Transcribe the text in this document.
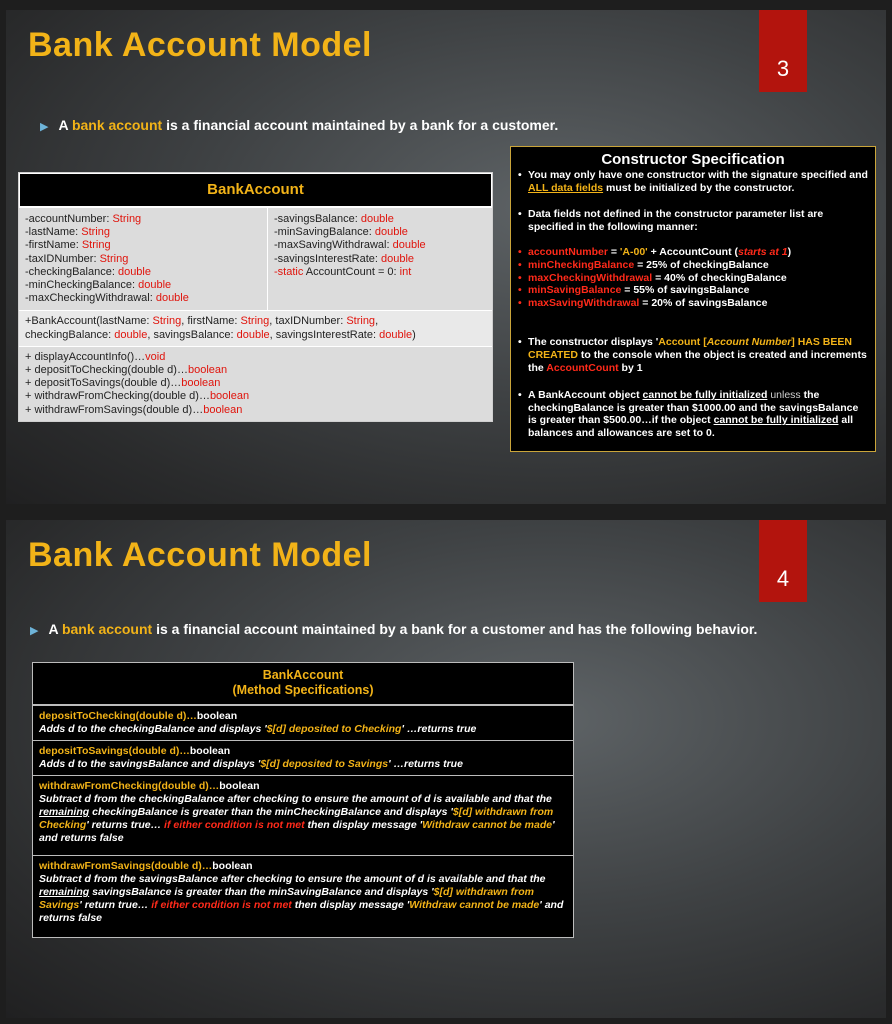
Bank Account Model
3
▶ A bank account is a financial account maintained by a bank for a customer.
BankAccount
-accountNumber: String
-lastName: String
-firstName: String
-taxIDNumber: String
-checkingBalance: double
-minCheckingBalance: double
-maxCheckingWithdrawal: double
-savingsBalance: double
-minSavingBalance: double
-maxSavingWithdrawal: double
-savingsInterestRate: double
-static AccountCount = 0: int
+BankAccount(lastName: String, firstName: String, taxIDNumber: String,
checkingBalance: double, savingsBalance: double, savingsInterestRate: double)
+ displayAccountInfo()…void
+ depositToChecking(double d)…boolean
+ depositToSavings(double d)…boolean
+ withdrawFromChecking(double d)…boolean
+ withdrawFromSavings(double d)…boolean
Constructor Specification
• You may only have one constructor with the signature specified and ALL data fields must be initialized by the constructor.
• Data fields not defined in the constructor parameter list are specified in the following manner:
• accountNumber = 'A-00' + AccountCount (starts at 1)
• minCheckingBalance = 25% of checkingBalance
• maxCheckingWithdrawal = 40% of checkingBalance
• minSavingBalance = 55% of savingsBalance
• maxSavingWithdrawal = 20% of savingsBalance
• The constructor displays 'Account [Account Number] HAS BEEN CREATED to the console when the object is created and increments the AccountCount by 1
• A BankAccount object cannot be fully initialized unless the checkingBalance is greater than $1000.00 and the savingsBalance is greater than $500.00…if the object cannot be fully initialized all balances and allowances are set to 0.
Bank Account Model
4
▶ A bank account is a financial account maintained by a bank for a customer and has the following behavior.
BankAccount
(Method Specifications)
depositToChecking(double d)…boolean
Adds d to the checkingBalance and displays '$[d] deposited to Checking' …returns true
depositToSavings(double d)…boolean
Adds d to the savingsBalance and displays '$[d] deposited to Savings' …returns true
withdrawFromChecking(double d)…boolean
Subtract d from the checkingBalance after checking to ensure the amount of d is available and that the remaining checkingBalance is greater than the minCheckingBalance and displays '$[d] withdrawn from Checking' returns true… if either condition is not met then display message 'Withdraw cannot be made' and returns false
withdrawFromSavings(double d)…boolean
Subtract d from the savingsBalance after checking to ensure the amount of d is available and that the remaining savingsBalance is greater than the minSavingBalance and displays '$[d] withdrawn from Savings' return true… if either condition is not met then display message 'Withdraw cannot be made' and returns false
